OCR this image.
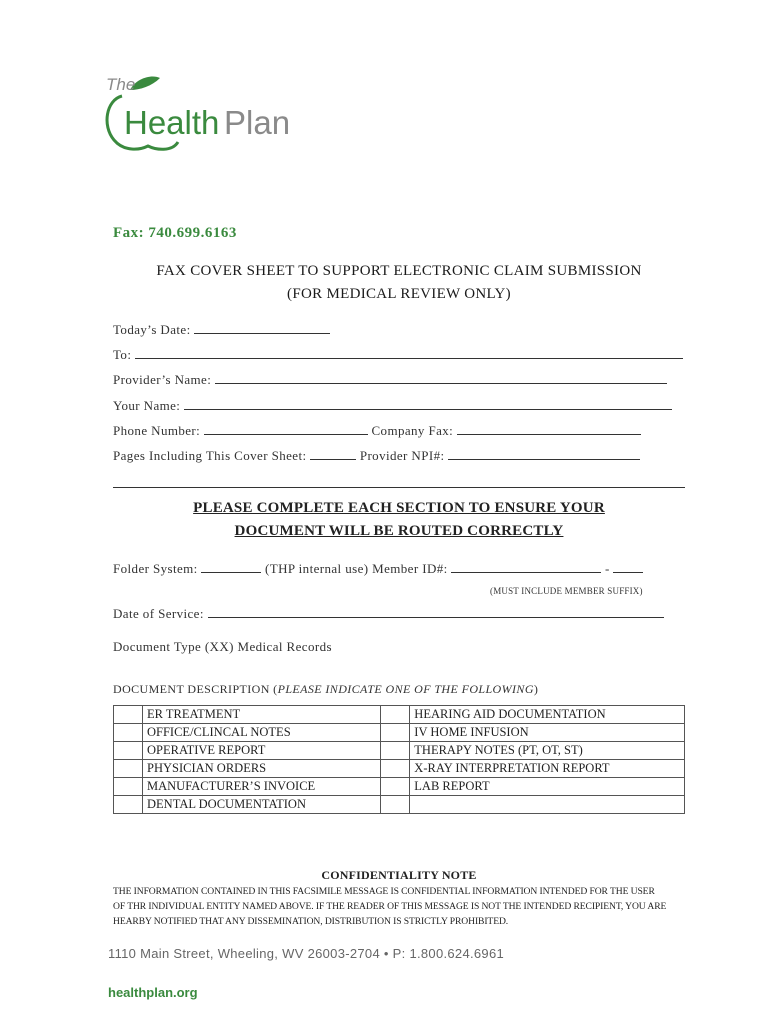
The
Health Plan
Fax: 740.699.6163
FAX COVER SHEET TO SUPPORT ELECTRONIC CLAIM SUBMISSION
(FOR MEDICAL REVIEW ONLY)
Today’s Date:
To:
Provider’s Name:
Your Name:
Phone Number:	Company Fax:
Pages Including This Cover Sheet:	Provider NPI#:
PLEASE COMPLETE EACH SECTION TO ENSURE YOUR
DOCUMENT WILL BE ROUTED CORRECTLY
Folder System:	(THP internal use) Member ID#:	-
(MUST INCLUDE MEMBER SUFFIX)
Date of Service:
Document Type (XX) Medical Records
DOCUMENT DESCRIPTION (PLEASE INDICATE ONE OF THE FOLLOWING)
	ER TREATMENT		HEARING AID DOCUMENTATION
	OFFICE/CLINCAL NOTES		IV HOME INFUSION
	OPERATIVE REPORT		THERAPY NOTES (PT, OT, ST)
	PHYSICIAN ORDERS		X-RAY INTERPRETATION REPORT
	MANUFACTURER’S INVOICE		LAB REPORT
	DENTAL DOCUMENTATION		
CONFIDENTIALITY NOTE
THE INFORMATION CONTAINED IN THIS FACSIMILE MESSAGE IS CONFIDENTIAL INFORMATION INTENDED FOR THE USER
OF THR INDIVIDUAL ENTITY NAMED ABOVE. IF THE READER OF THIS MESSAGE IS NOT THE INTENDED RECIPIENT, YOU ARE
HEARBY NOTIFIED THAT ANY DISSEMINATION, DISTRIBUTION IS STRICTLY PROHIBITED.
1110 Main Street, Wheeling, WV 26003-2704 • P: 1.800.624.6961
healthplan.org
